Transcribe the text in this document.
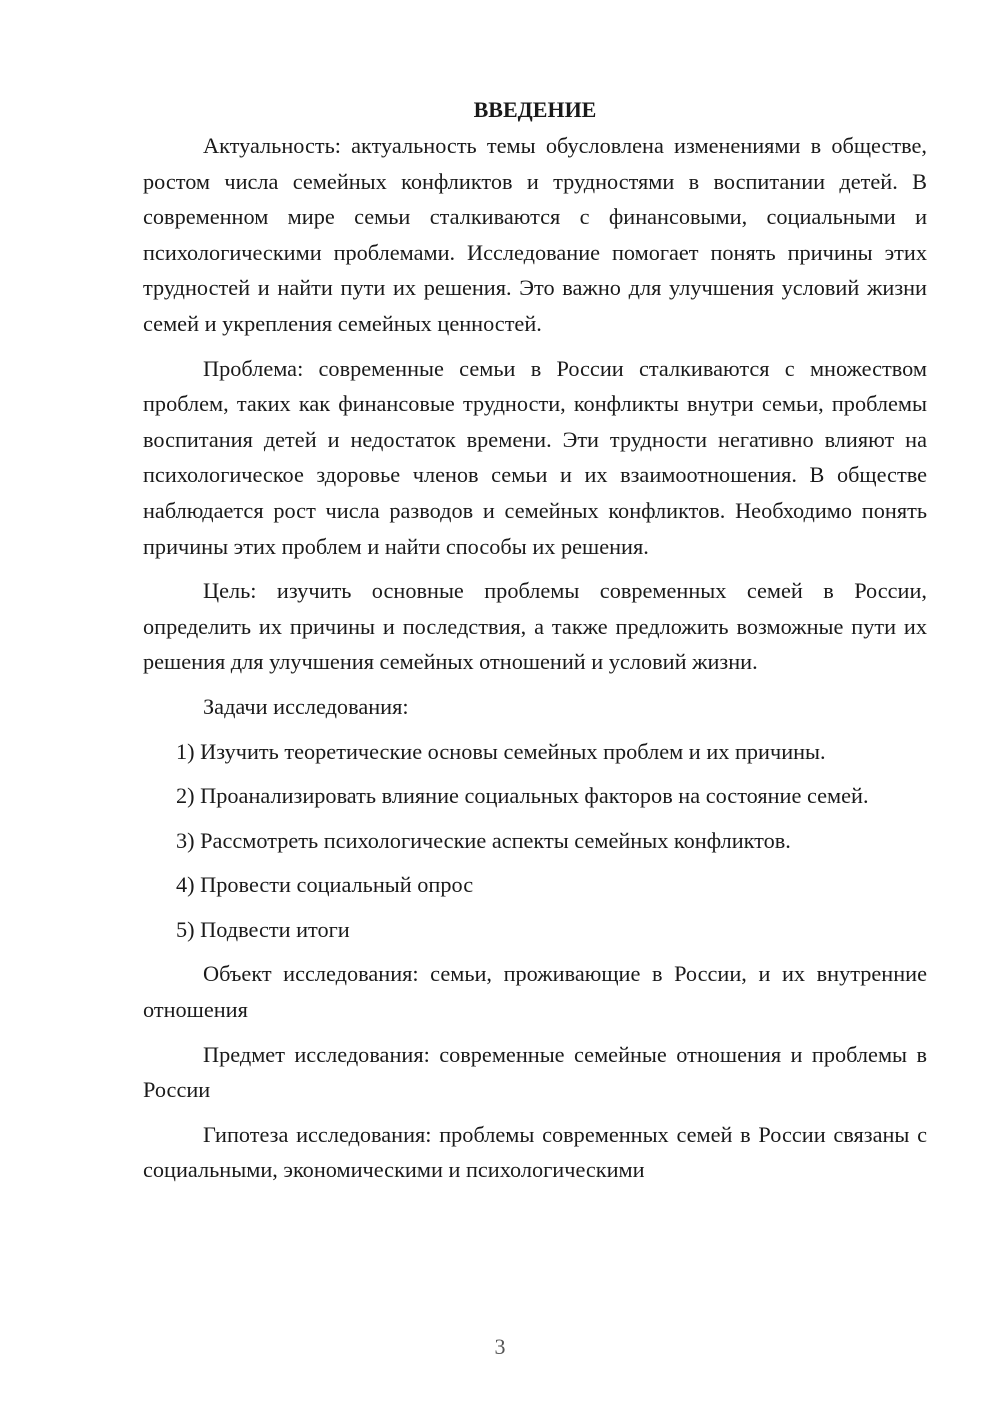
ВВЕДЕНИЕ

Актуальность: актуальность темы обусловлена изменениями в обществе, ростом числа семейных конфликтов и трудностями в воспитании детей. В современном мире семьи сталкиваются с финансовыми, социальными и психологическими проблемами. Исследование помогает понять причины этих трудностей и найти пути их решения. Это важно для улучшения условий жизни семей и укрепления семейных ценностей.

Проблема: современные семьи в России сталкиваются с множеством проблем, таких как финансовые трудности, конфликты внутри семьи, проблемы воспитания детей и недостаток времени. Эти трудности негативно влияют на психологическое здоровье членов семьи и их взаимоотношения. В обществе наблюдается рост числа разводов и семейных конфликтов. Необходимо понять причины этих проблем и найти способы их решения.

Цель: изучить основные проблемы современных семей в России, определить их причины и последствия, а также предложить возможные пути их решения для улучшения семейных отношений и условий жизни.

Задачи исследования:

1) Изучить теоретические основы семейных проблем и их причины.

2) Проанализировать влияние социальных факторов на состояние семей.

3) Рассмотреть психологические аспекты семейных конфликтов.

4) Провести социальный опрос

5) Подвести итоги

Объект исследования: семьи, проживающие в России, и их внутренние отношения

Предмет исследования: современные семейные отношения и проблемы в России

Гипотеза исследования: проблемы современных семей в России связаны с социальными, экономическими и психологическими

3
